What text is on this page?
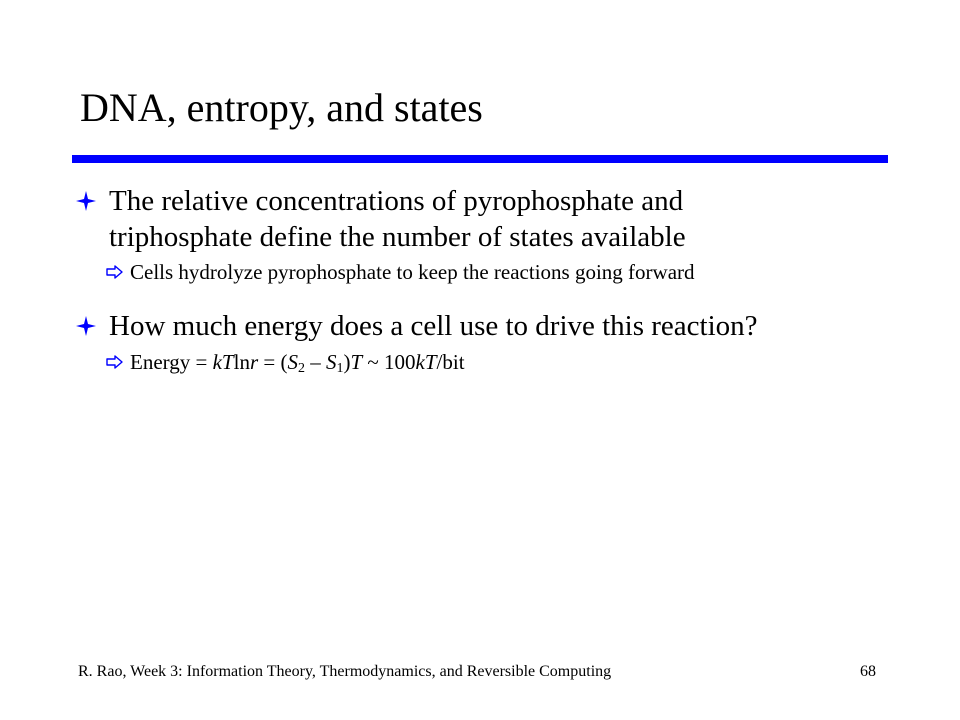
DNA, entropy, and states
The relative concentrations of pyrophosphate and
triphosphate define the number of states available
Cells hydrolyze pyrophosphate to keep the reactions going forward
How much energy does a cell use to drive this reaction?
Energy = $kTlnr = (S_2 - S_1)T$ ~ 100kT/bit
R. Rao, Week 3: Information Theory, Thermodynamics, and Reversible Computing	68
